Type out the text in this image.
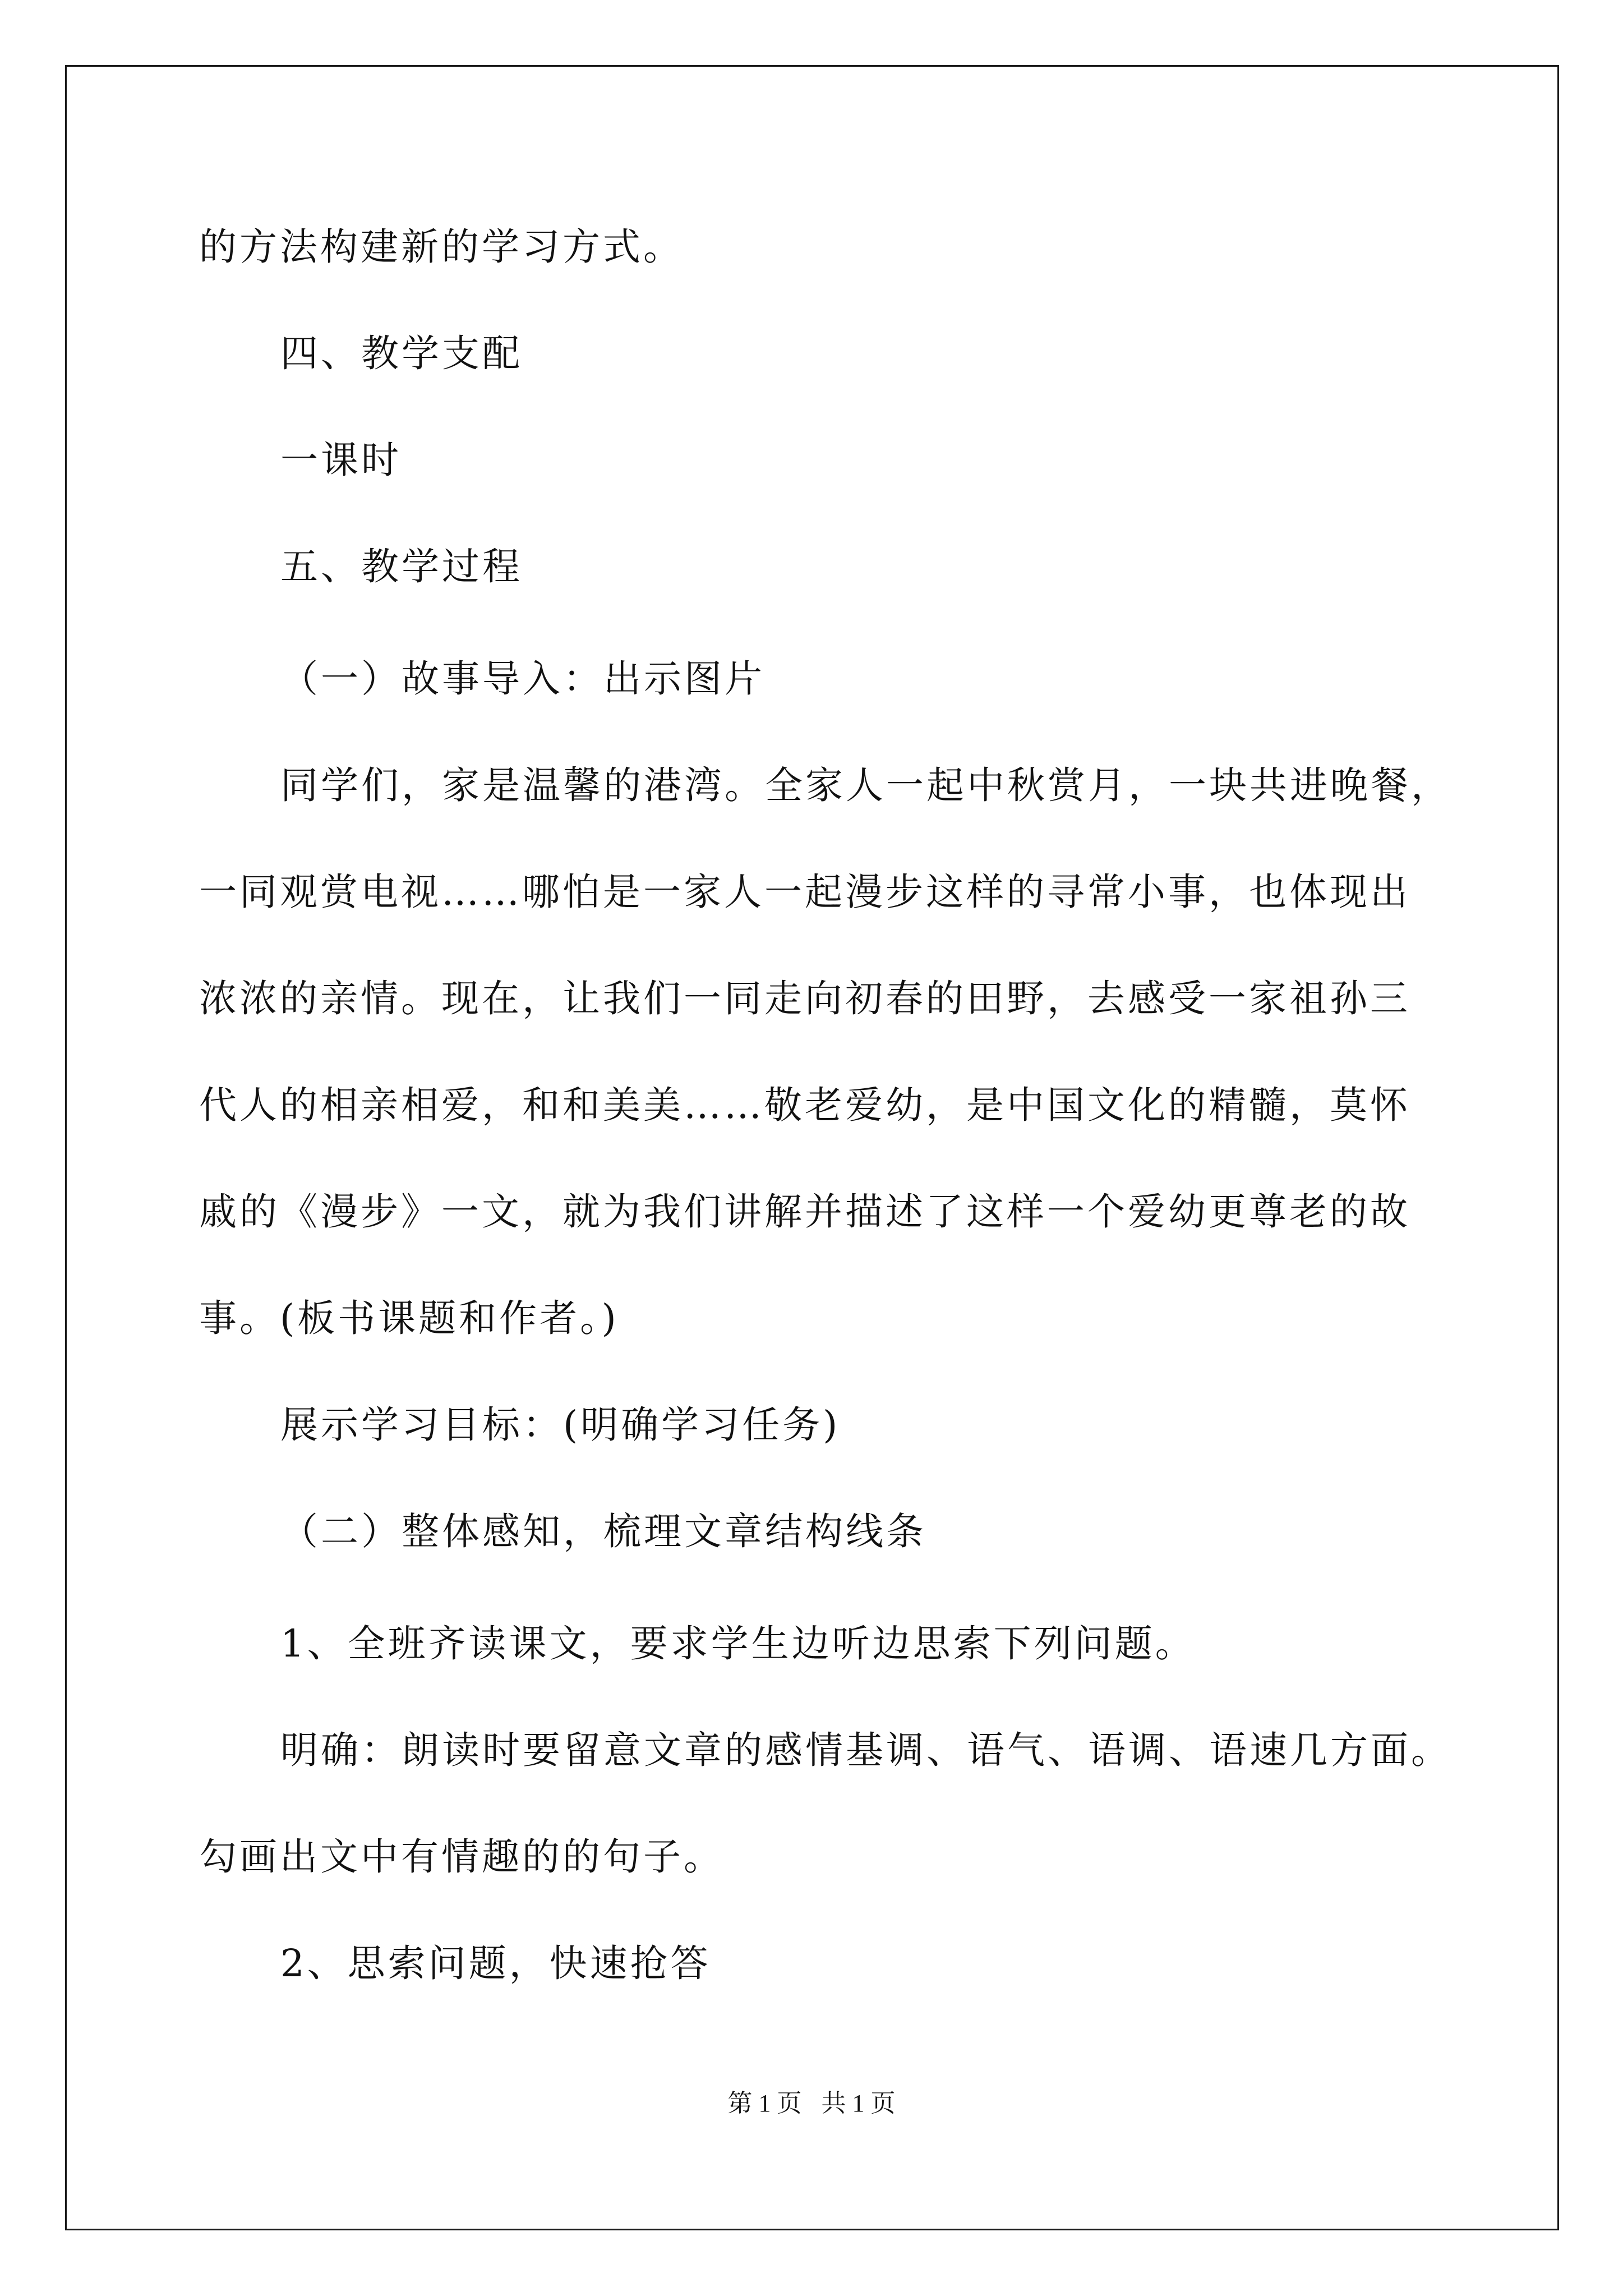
的方法构建新的学习方式。
四、教学支配
一课时
五、教学过程
（一）故事导入：出示图片
同学们，家是温馨的港湾。全家人一起中秋赏月，一块共进晚餐，
一同观赏电视……哪怕是一家人一起漫步这样的寻常小事，也体现出
浓浓的亲情。现在，让我们一同走向初春的田野，去感受一家祖孙三
代人的相亲相爱，和和美美……敬老爱幼，是中国文化的精髓，莫怀
戚的《漫步》一文，就为我们讲解并描述了这样一个爱幼更尊老的故
事。(板书课题和作者。)
展示学习目标：(明确学习任务)
（二）整体感知，梳理文章结构线条
1、全班齐读课文，要求学生边听边思索下列问题。
明确：朗读时要留意文章的感情基调、语气、语调、语速几方面。
勾画出文中有情趣的的句子。
2、思索问题，快速抢答
第 1 页 共 1 页
